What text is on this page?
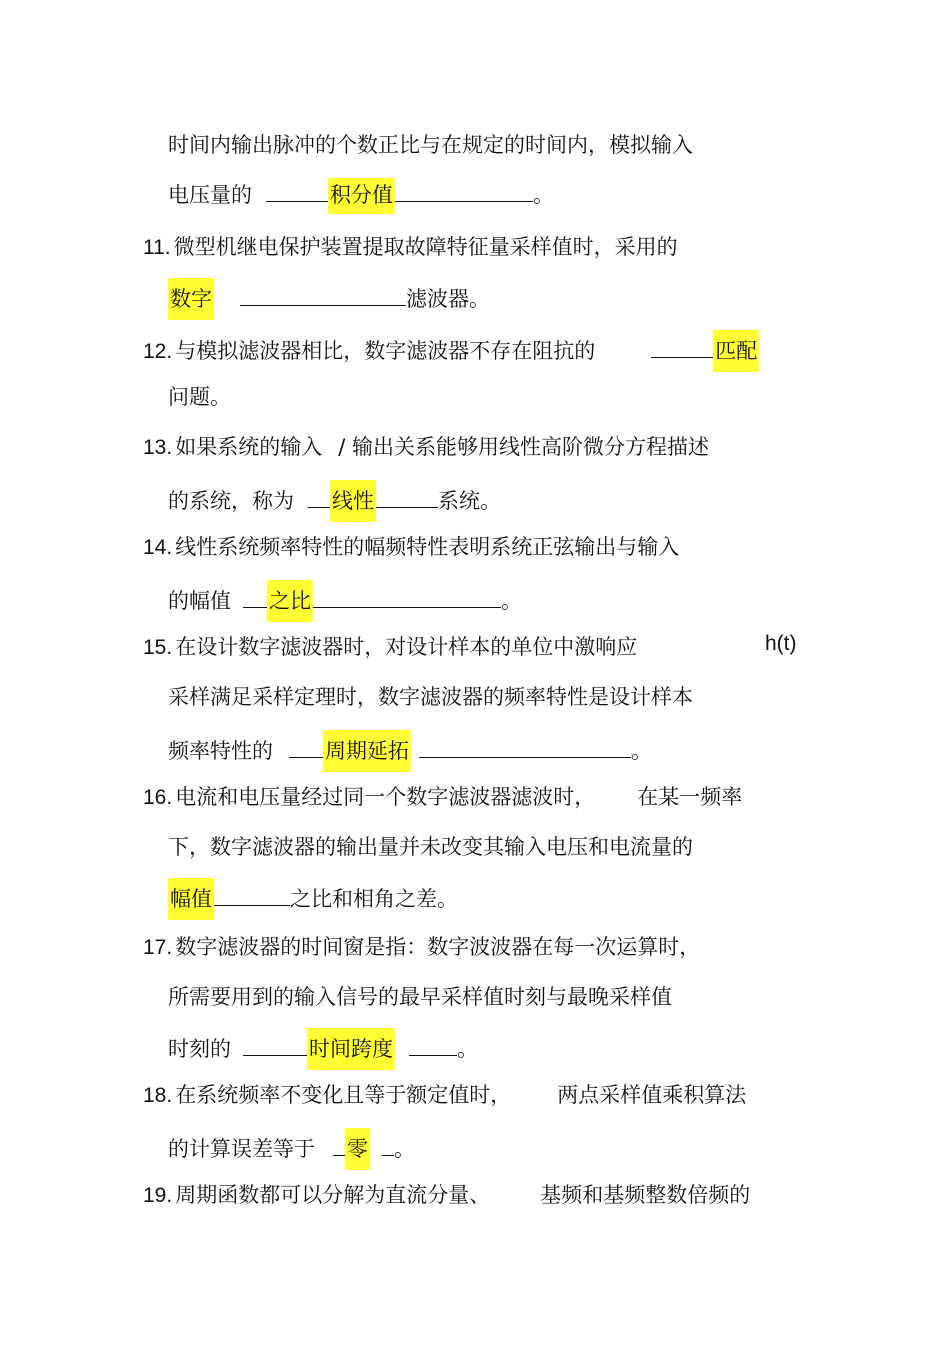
时间内输出脉冲的个数正比与在规定的时间内，模拟输入
电压量的	积分值	。
11. 微型机继电保护装置提取故障特征量采样值时，采用的
数字	滤波器。
12. 与模拟滤波器相比，数字滤波器不存在阻抗的	匹配
问题。
13. 如果系统的输入 / 输出关系能够用线性高阶微分方程描述
的系统，称为 线性	系统。
14. 线性系统频率特性的幅频特性表明系统正弦输出与输入
的幅值 之比	。
15. 在设计数字滤波器时，对设计样本的单位中激响应	h(t)
采样满足采样定理时，数字滤波器的频率特性是设计样本
频率特性的 周期延拓	。
16. 电流和电压量经过同一个数字滤波器滤波时， 在某一频率
下，数字滤波器的输出量并未改变其输入电压和电流量的
幅值	之比和相角之差。
17. 数字滤波器的时间窗是指：数字波波器在每一次运算时，
所需要用到的输入信号的最早采样值时刻与最晚采样值
时刻的	时间跨度	。
18. 在系统频率不变化且等于额定值时， 两点采样值乘积算法
的计算误差等于 零 。
19. 周期函数都可以分解为直流分量、 基频和基频整数倍频的
